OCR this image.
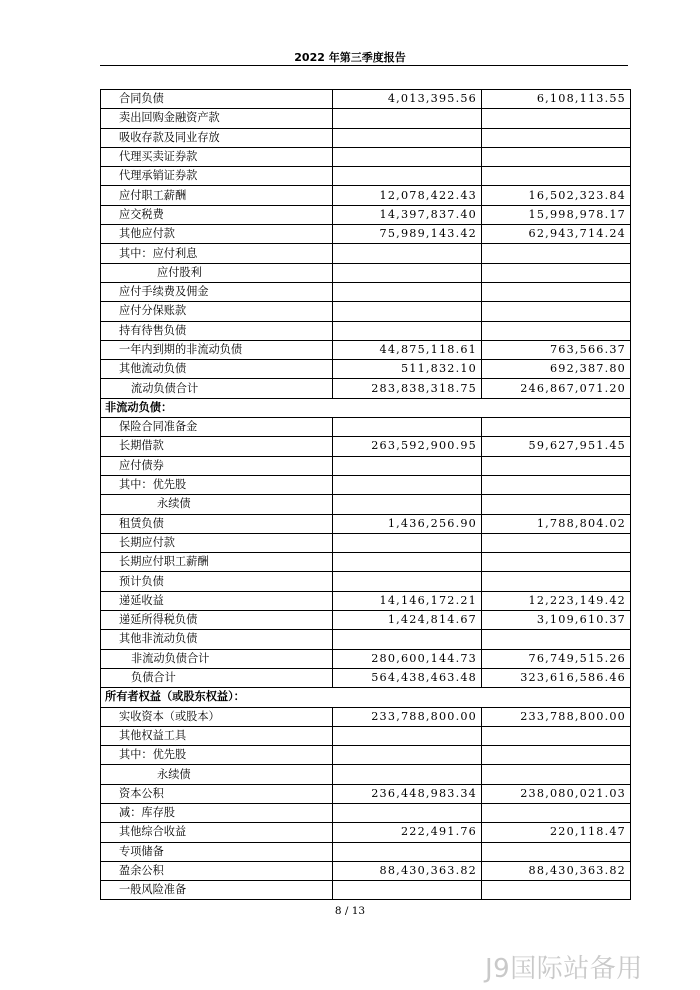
2022 年第三季度报告
合同负债	4,013,395.56	6,108,113.55
卖出回购金融资产款		
吸收存款及同业存放		
代理买卖证券款		
代理承销证券款		
应付职工薪酬	12,078,422.43	16,502,323.84
应交税费	14,397,837.40	15,998,978.17
其他应付款	75,989,143.42	62,943,714.24
其中：应付利息		
应付股利		
应付手续费及佣金		
应付分保账款		
持有待售负债		
一年内到期的非流动负债	44,875,118.61	763,566.37
其他流动负债	511,832.10	692,387.80
流动负债合计	283,838,318.75	246,867,071.20
非流动负债：		
保险合同准备金		
长期借款	263,592,900.95	59,627,951.45
应付债券		
其中：优先股		
永续债		
租赁负债	1,436,256.90	1,788,804.02
长期应付款		
长期应付职工薪酬		
预计负债		
递延收益	14,146,172.21	12,223,149.42
递延所得税负债	1,424,814.67	3,109,610.37
其他非流动负债		
非流动负债合计	280,600,144.73	76,749,515.26
负债合计	564,438,463.48	323,616,586.46
所有者权益（或股东权益）：		
实收资本（或股本）	233,788,800.00	233,788,800.00
其他权益工具		
其中：优先股		
永续债		
资本公积	236,448,983.34	238,080,021.03
减：库存股		
其他综合收益	222,491.76	220,118.47
专项储备		
盈余公积	88,430,363.82	88,430,363.82
一般风险准备		
8 / 13
J9国际站备用
